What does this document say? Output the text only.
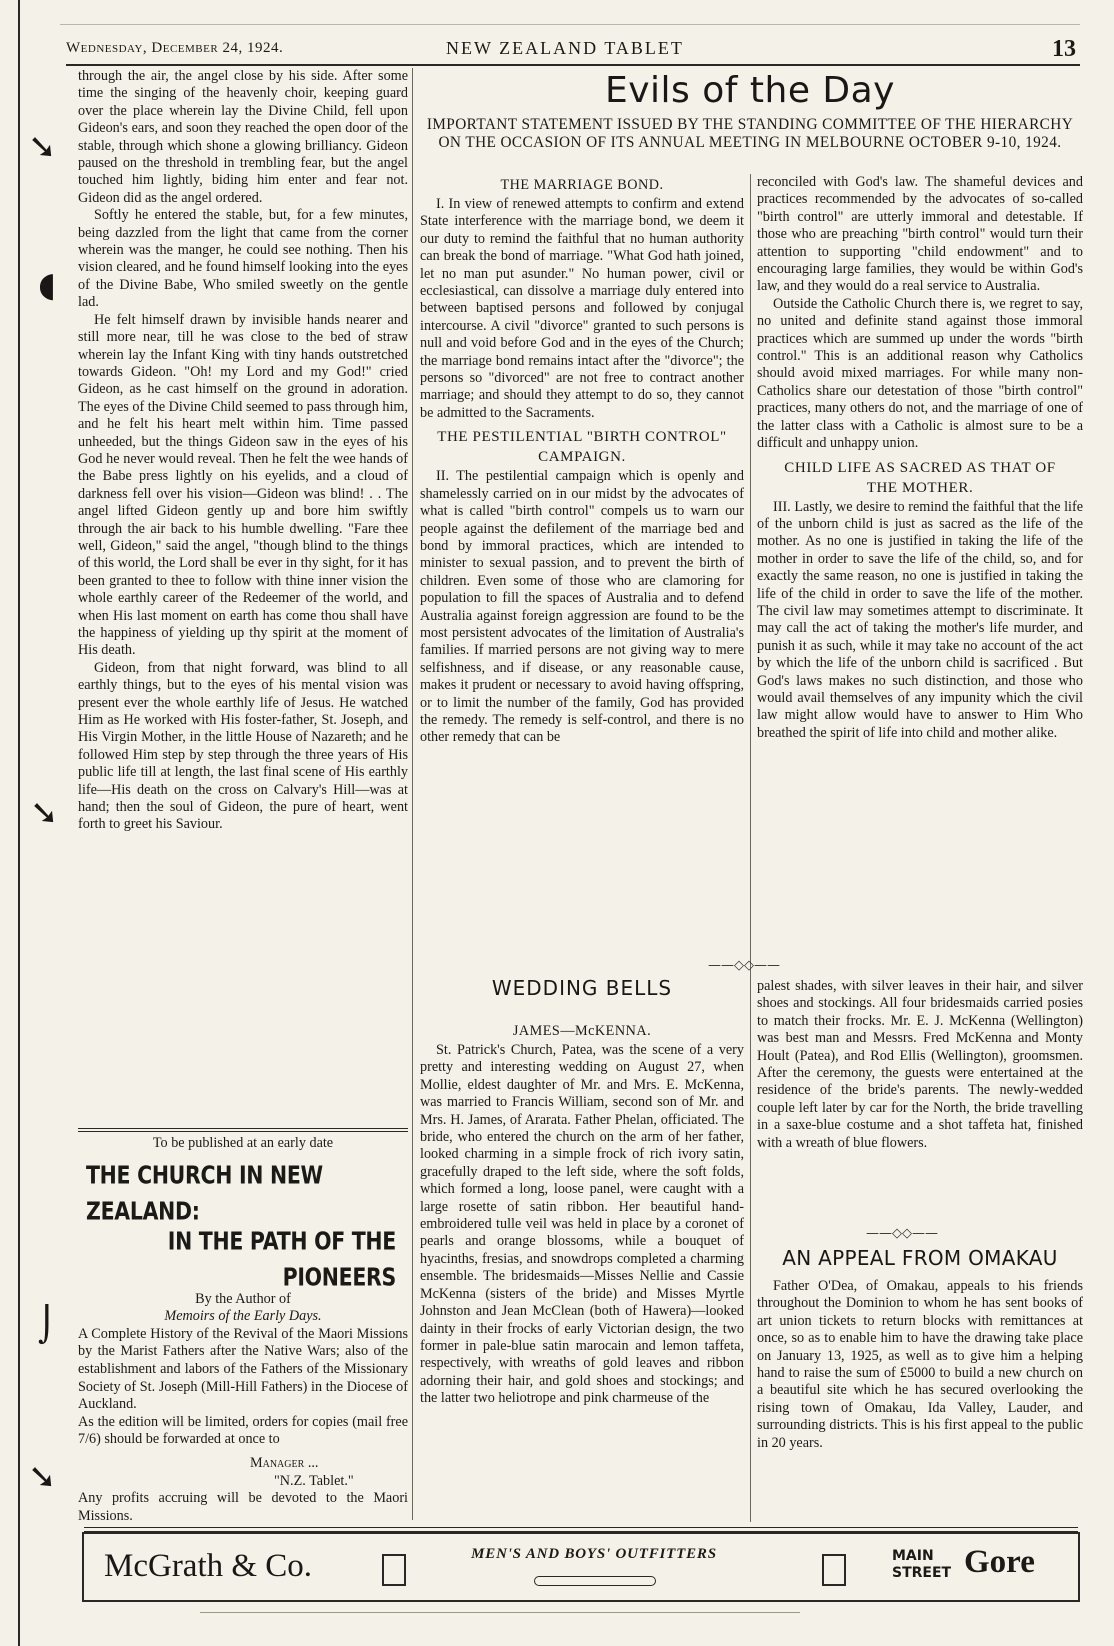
➘
◖
➘
⌡
➘
Wednesday, December 24, 1924.	NEW ZEALAND TABLET	13

through the air, the angel close by his side. After some time the singing of the heavenly choir, keeping guard over the place wherein lay the Divine Child, fell upon Gideon's ears, and soon they reached the open door of the stable, through which shone a glowing brilliancy. Gideon paused on the threshold in trembling fear, but the angel touched him lightly, biding him enter and fear not. Gideon did as the angel ordered.

Softly he entered the stable, but, for a few minutes, being dazzled from the light that came from the corner wherein was the manger, he could see nothing. Then his vision cleared, and he found himself looking into the eyes of the Divine Babe, Who smiled sweetly on the gentle lad.

He felt himself drawn by invisible hands nearer and still more near, till he was close to the bed of straw wherein lay the Infant King with tiny hands outstretched towards Gideon. "Oh! my Lord and my God!" cried Gideon, as he cast himself on the ground in adoration. The eyes of the Divine Child seemed to pass through him, and he felt his heart melt within him. Time passed unheeded, but the things Gideon saw in the eyes of his God he never would reveal. Then he felt the wee hands of the Babe press lightly on his eyelids, and a cloud of darkness fell over his vision—Gideon was blind! . . The angel lifted Gideon gently up and bore him swiftly through the air back to his humble dwelling. "Fare thee well, Gideon," said the angel, "though blind to the things of this world, the Lord shall be ever in thy sight, for it has been granted to thee to follow with thine inner vision the whole earthly career of the Redeemer of the world, and when His last moment on earth has come thou shall have the happiness of yielding up thy spirit at the moment of His death.

Gideon, from that night forward, was blind to all earthly things, but to the eyes of his mental vision was present ever the whole earthly life of Jesus. He watched Him as He worked with His foster-father, St. Joseph, and His Virgin Mother, in the little House of Nazareth; and he followed Him step by step through the three years of His public life till at length, the last final scene of His earthly life—His death on the cross on Calvary's Hill—was at hand; then the soul of Gideon, the pure of heart, went forth to greet his Saviour.

To be published at an early date
THE CHURCH IN NEW ZEALAND:
IN THE PATH OF THE PIONEERS
By the Author of
Memoirs of the Early Days.

A Complete History of the Revival of the Maori Missions by the Marist Fathers after the Native Wars; also of the establishment and labors of the Fathers of the Missionary Society of St. Joseph (Mill-Hill Fathers) in the Diocese of Auckland.

As the edition will be limited, orders for copies (mail free 7/6) should be forwarded at once to

Manager ...
"N.Z. Tablet."

Any profits accruing will be devoted to the Maori Missions.

Evils of the Day
IMPORTANT STATEMENT ISSUED BY THE STANDING COMMITTEE OF THE HIERARCHY ON THE OCCASION OF ITS ANNUAL MEETING IN MELBOURNE OCTOBER 9-10, 1924.
THE MARRIAGE BOND.

I. In view of renewed attempts to confirm and extend State interference with the marriage bond, we deem it our duty to remind the faithful that no human authority can break the bond of marriage. "What God hath joined, let no man put asunder." No human power, civil or ecclesiastical, can dissolve a marriage duly entered into between baptised persons and followed by conjugal intercourse. A civil "divorce" granted to such persons is null and void before God and in the eyes of the Church; the marriage bond remains intact after the "divorce"; the persons so "divorced" are not free to contract another marriage; and should they attempt to do so, they cannot be admitted to the Sacraments.

THE PESTILENTIAL "BIRTH CONTROL"
CAMPAIGN.

II. The pestilential campaign which is openly and shamelessly carried on in our midst by the advocates of what is called "birth control" compels us to warn our people against the defilement of the marriage bed and bond by immoral practices, which are intended to minister to sexual passion, and to prevent the birth of children. Even some of those who are clamoring for population to fill the spaces of Australia and to defend Australia against foreign aggression are found to be the most persistent advocates of the limitation of Australia's families. If married persons are not giving way to mere selfishness, and if disease, or any reasonable cause, makes it prudent or necessary to avoid having offspring, or to limit the number of the family, God has provided the remedy. The remedy is self-control, and there is no other remedy that can be

reconciled with God's law. The shameful devices and practices recommended by the advocates of so-called "birth control" are utterly immoral and detestable. If those who are preaching "birth control" would turn their attention to supporting "child endowment" and to encouraging large families, they would be within God's law, and they would do a real service to Australia.

Outside the Catholic Church there is, we regret to say, no united and definite stand against those immoral practices which are summed up under the words "birth control." This is an additional reason why Catholics should avoid mixed marriages. For while many non-Catholics share our detestation of those "birth control" practices, many others do not, and the marriage of one of the latter class with a Catholic is almost sure to be a difficult and unhappy union.

CHILD LIFE AS SACRED AS THAT OF
THE MOTHER.

III. Lastly, we desire to remind the faithful that the life of the unborn child is just as sacred as the life of the mother. As no one is justified in taking the life of the mother in order to save the life of the child, so, and for exactly the same reason, no one is justified in taking the life of the child in order to save the life of the mother. The civil law may sometimes attempt to discriminate. It may call the act of taking the mother's life murder, and punish it as such, while it may take no account of the act by which the life of the unborn child is sacrificed . But God's laws makes no such distinction, and those who would avail themselves of any impunity which the civil law might allow would have to answer to Him Who breathed the spirit of life into child and mother alike.

——◇◇——
WEDDING BELLS
JAMES—McKENNA.

St. Patrick's Church, Patea, was the scene of a very pretty and interesting wedding on August 27, when Mollie, eldest daughter of Mr. and Mrs. E. McKenna, was married to Francis William, second son of Mr. and Mrs. H. James, of Ararata. Father Phelan, officiated. The bride, who entered the church on the arm of her father, looked charming in a simple frock of rich ivory satin, gracefully draped to the left side, where the soft folds, which formed a long, loose panel, were caught with a large rosette of satin ribbon. Her beautiful hand-embroidered tulle veil was held in place by a coronet of pearls and orange blossoms, while a bouquet of hyacinths, fresias, and snowdrops completed a charming ensemble. The bridesmaids—Misses Nellie and Cassie McKenna (sisters of the bride) and Misses Myrtle Johnston and Jean McClean (both of Hawera)—looked dainty in their frocks of early Victorian design, the two former in pale-blue satin marocain and lemon taffeta, respectively, with wreaths of gold leaves and ribbon adorning their hair, and gold shoes and stockings; and the latter two heliotrope and pink charmeuse of the

palest shades, with silver leaves in their hair, and silver shoes and stockings. All four bridesmaids carried posies to match their frocks. Mr. E. J. McKenna (Wellington) was best man and Messrs. Fred McKenna and Monty Hoult (Patea), and Rod Ellis (Wellington), groomsmen. After the ceremony, the guests were entertained at the residence of the bride's parents. The newly-wedded couple left later by car for the North, the bride travelling in a saxe-blue costume and a shot taffeta hat, finished with a wreath of blue flowers.

——◇◇——
AN APPEAL FROM OMAKAU

Father O'Dea, of Omakau, appeals to his friends throughout the Dominion to whom he has sent books of art union tickets to return blocks with remittances at once, so as to enable him to have the drawing take place on January 13, 1925, as well as to give him a helping hand to raise the sum of £5000 to build a new church on a beautiful site which he has secured overlooking the rising town of Omakau, Ida Valley, Lauder, and surrounding districts. This is his first appeal to the public in 20 years.

McGrath & Co.	MEN'S AND BOYS' OUTFITTERS	MAIN
STREET Gore
